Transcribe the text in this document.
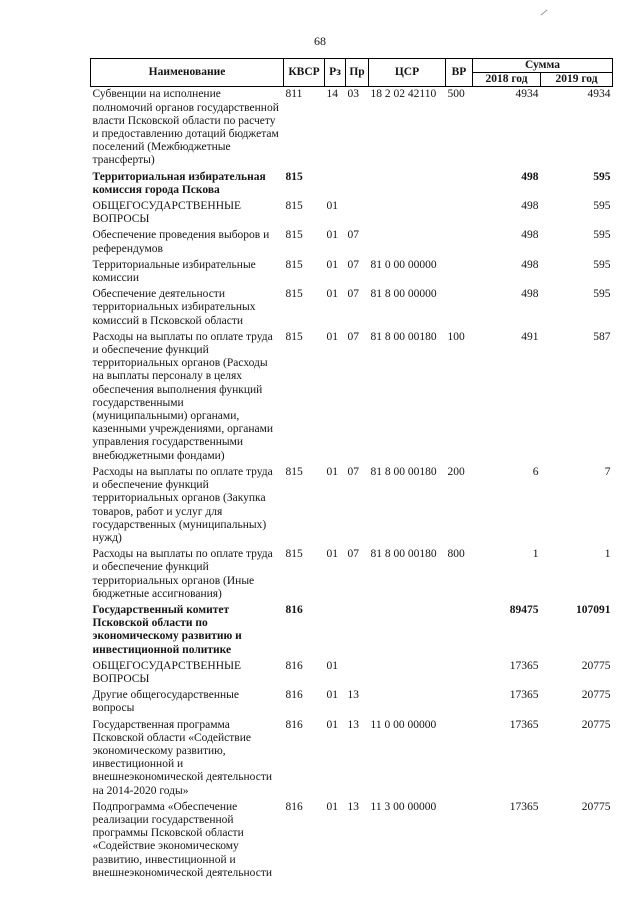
68
Наименование	КВСР	Рз	Пр	ЦСР	ВР	Сумма	
						2018 год	2019 год
Субвенции на исполнение полномочий органов государственной власти Псковской области по расчету и предоставлению дотаций бюджетам поселений (Межбюджетные трансферты)	811	14	03	18 2 02 42110	500	4934	4934
Территориальная избирательная комиссия города Пскова	815					498	595
ОБЩЕГОСУДАРСТВЕННЫЕ ВОПРОСЫ	815	01				498	595
Обеспечение проведения выборов и референдумов	815	01	07			498	595
Территориальные избирательные комиссии	815	01	07	81 0 00 00000		498	595
Обеспечение деятельности территориальных избирательных комиссий в Псковской области	815	01	07	81 8 00 00000		498	595
Расходы на выплаты по оплате труда и обеспечение функций территориальных органов (Расходы на выплаты персоналу в целях обеспечения выполнения функций государственными (муниципальными) органами, казенными учреждениями, органами управления государственными внебюджетными фондами)	815	01	07	81 8 00 00180	100	491	587
Расходы на выплаты по оплате труда и обеспечение функций территориальных органов (Закупка товаров, работ и услуг для государственных (муниципальных) нужд)	815	01	07	81 8 00 00180	200	6	7
Расходы на выплаты по оплате труда и обеспечение функций территориальных органов (Иные бюджетные ассигнования)	815	01	07	81 8 00 00180	800	1	1
Государственный комитет Псковской области по экономическому развитию и инвестиционной политике	816					89475	107091
ОБЩЕГОСУДАРСТВЕННЫЕ ВОПРОСЫ	816	01				17365	20775
Другие общегосударственные вопросы	816	01	13			17365	20775
Государственная программа Псковской области «Содействие экономическому развитию, инвестиционной и внешнеэкономической деятельности на 2014-2020 годы»	816	01	13	11 0 00 00000		17365	20775
Подпрограмма «Обеспечение реализации государственной программы Псковской области «Содействие экономическому развитию, инвестиционной и внешнеэкономической деятельности	816	01	13	11 3 00 00000		17365	20775
